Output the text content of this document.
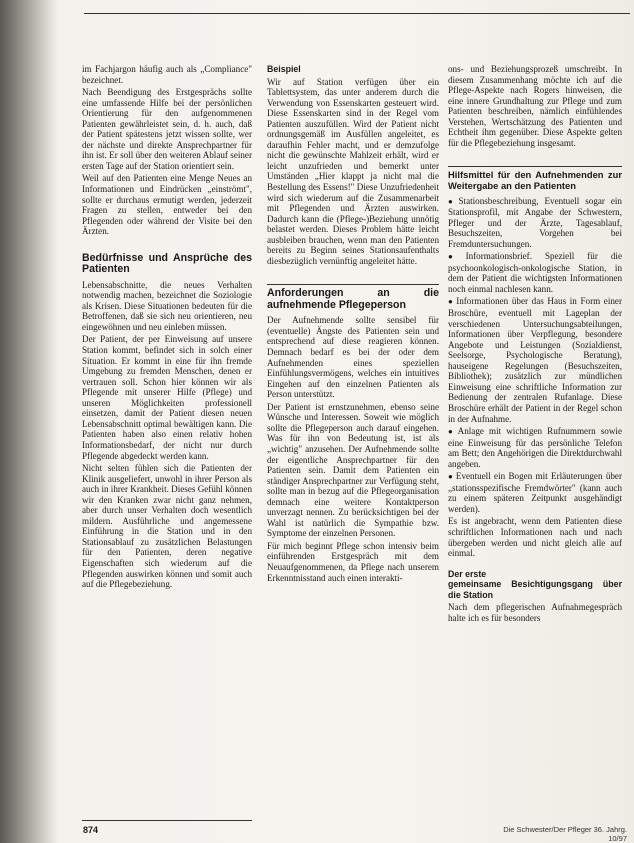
im Fachjargon häufig auch als „Compliance" bezeichnet.

Nach Beendigung des Erstgesprächs sollte eine umfassende Hilfe bei der persönlichen Orientierung für den aufgenommenen Patienten gewährleistet sein, d. h. auch, daß der Patient spätestens jetzt wissen sollte, wer der nächste und direkte Ansprechpartner für ihn ist. Er soll über den weiteren Ablauf seiner ersten Tage auf der Station orientiert sein.

Weil auf den Patienten eine Menge Neues an Informationen und Eindrücken „einströmt", sollte er durchaus ermutigt werden, jederzeit Fragen zu stellen, entweder bei den Pflegenden oder während der Visite bei den Ärzten.

Bedürfnisse und Ansprüche des Patienten

Lebensabschnitte, die neues Verhalten notwendig machen, bezeichnet die Soziologie als Krisen. Diese Situationen bedeuten für die Betroffenen, daß sie sich neu orientieren, neu eingewöhnen und neu einleben müssen.

Der Patient, der per Einweisung auf unsere Station kommt, befindet sich in solch einer Situation. Er kommt in eine für ihn fremde Umgebung zu fremden Menschen, denen er vertrauen soll. Schon hier können wir als Pflegende mit unserer Hilfe (Pflege) und unseren Möglichkeiten professionell einsetzen, damit der Patient diesen neuen Lebensabschnitt optimal bewältigen kann. Die Patienten haben also einen relativ hohen Informationsbedarf, der nicht nur durch Pflegende abgedeckt werden kann.

Nicht selten fühlen sich die Patienten der Klinik ausgeliefert, unwohl in ihrer Person als auch in ihrer Krankheit. Dieses Gefühl können wir den Kranken zwar nicht ganz nehmen, aber durch unser Verhalten doch wesentlich mildern. Ausführliche und angemessene Einführung in die Station und in den Stationsablauf zu zusätzlichen Belastungen für den Patienten, deren negative Eigenschaften sich wiederum auf die Pflegenden auswirken können und somit auch auf die Pflegebeziehung.

Beispiel

Wir auf Station verfügen über ein Tablettsystem, das unter anderem durch die Verwendung von Essenskarten gesteuert wird. Diese Essenskarten sind in der Regel vom Patienten auszufüllen. Wird der Patient nicht ordnungsgemäß im Ausfüllen angeleitet, es daraufhin Fehler macht, und er demzufolge nicht die gewünschte Mahlzeit erhält, wird er leicht unzufrieden und bemerkt unter Umständen „Hier klappt ja nicht mal die Bestellung des Essens!" Diese Unzufriedenheit wird sich wiederum auf die Zusammenarbeit mit Pflegenden und Ärzten auswirken. Dadurch kann die (Pflege-)Beziehung unnötig belastet werden. Dieses Problem hätte leicht ausbleiben brauchen, wenn man den Patienten bereits zu Beginn seines Stationsaufenthalts diesbezüglich vernünftig angeleitet hätte.

Anforderungen an die aufnehmende Pflegeperson

Der Aufnehmende sollte sensibel für (eventuelle) Ängste des Patienten sein und entsprechend auf diese reagieren können. Demnach bedarf es bei der oder dem Aufnehmenden eines speziellen Einfühlungsvermögens, welches ein intuitives Eingehen auf den einzelnen Patienten als Person unterstützt.

Der Patient ist ernstzunehmen, ebenso seine Wünsche und Interessen. Soweit wie möglich sollte die Pflegeperson auch darauf eingehen. Was für ihn von Bedeutung ist, ist als „wichtig" anzusehen. Der Aufnehmende sollte der eigentliche Ansprechpartner für den Patienten sein. Damit dem Patienten ein ständiger Ansprechpartner zur Verfügung steht, sollte man in bezug auf die Pflegeorganisation demnach eine weitere Kontaktperson unverzagt nennen. Zu berücksichtigen bei der Wahl ist natürlich die Sympathie bzw. Symptome der einzelnen Personen.

Für mich beginnt Pflege schon intensiv beim einführenden Erstgespräch mit dem Neuaufgenommenen, da Pflege nach unserem Erkenntnisstand auch einen interakti-

ons- und Beziehungsprozeß umschreibt. In diesem Zusammenhang möchte ich auf die Pflege-Aspekte nach Rogers hinweisen, die eine innere Grundhaltung zur Pflege und zum Patienten beschreiben, nämlich einfühlendes Verstehen, Wertschätzung des Patienten und Echtheit ihm gegenüber. Diese Aspekte gelten für die Pflegebeziehung insgesamt.

Hilfsmittel für den Aufnehmenden zur Weitergabe an den Patienten
● Stationsbeschreibung, Eventuell sogar ein Stationsprofil, mit Angabe der Schwestern, Pfleger und der Ärzte, Tagesablauf, Besuchszeiten, Vorgehen bei Fremduntersuchungen.
● Informationsbrief. Speziell für die psychoonkologisch-onkologische Station, in dem der Patient die wichtigsten Informationen noch einmal nachlesen kann.
● Informationen über das Haus in Form einer Broschüre, eventuell mit Lageplan der verschiedenen Untersuchungsabteilungen, Informationen über Verpflegung, besondere Angebote und Leistungen (Sozialdienst, Seelsorge, Psychologische Beratung), hauseigene Regelungen (Besuchszeiten, Bibliothek); zusätzlich zur mündlichen Einweisung eine schriftliche Information zur Bedienung der zentralen Rufanlage. Diese Broschüre erhält der Patient in der Regel schon in der Aufnahme.
● Anlage mit wichtigen Rufnummern sowie eine Einweisung für das persönliche Telefon am Bett; den Angehörigen die Direktdurchwahl angeben.
● Eventuell ein Bogen mit Erläuterungen über „stationsspezifische Fremdwörter" (kann auch zu einem späteren Zeitpunkt ausgehändigt werden).

Es ist angebracht, wenn dem Patienten diese schriftlichen Informationen nach und nach übergeben werden und nicht gleich alle auf einmal.

Der erste
gemeinsame Besichtigungsgang über die Station

Nach dem pflegerischen Aufnahmegespräch halte ich es für besonders

874	Die Schwester/Der Pfleger 36. Jahrg. 10/97
